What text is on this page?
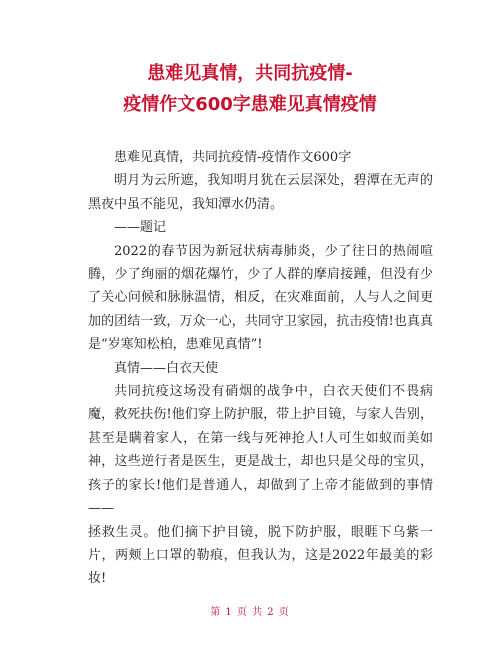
患难见真情，共同抗疫情-
疫情作文600字患难见真情疫情

患难见真情，共同抗疫情-疫情作文600字

明月为云所遮，我知明月犹在云层深处，碧潭在无声的黑夜中虽不能见，我知潭水仍清。

——题记

2022的春节因为新冠状病毒肺炎，少了往日的热闹喧腾，少了绚丽的烟花爆竹，少了人群的摩肩接踵，但没有少了关心问候和脉脉温情，相反，在灾难面前，人与人之间更加的团结一致，万众一心，共同守卫家园，抗击疫情!也真真是“岁寒知松柏，患难见真情”!

真情——白衣天使

共同抗疫这场没有硝烟的战争中，白衣天使们不畏病魔，救死扶伤!他们穿上防护服，带上护目镜，与家人告别，甚至是瞒着家人，在第一线与死神抢人!人可生如蚁而美如神，这些逆行者是医生，更是战士，却也只是父母的宝贝，孩子的家长!他们是普通人，却做到了上帝才能做到的事情——

拯救生灵。他们摘下护目镜，脱下防护服，眼睚下乌紫一片，两颊上口罩的勒痕，但我认为，这是2022年最美的彩妆!

第 1 页 共 2 页
